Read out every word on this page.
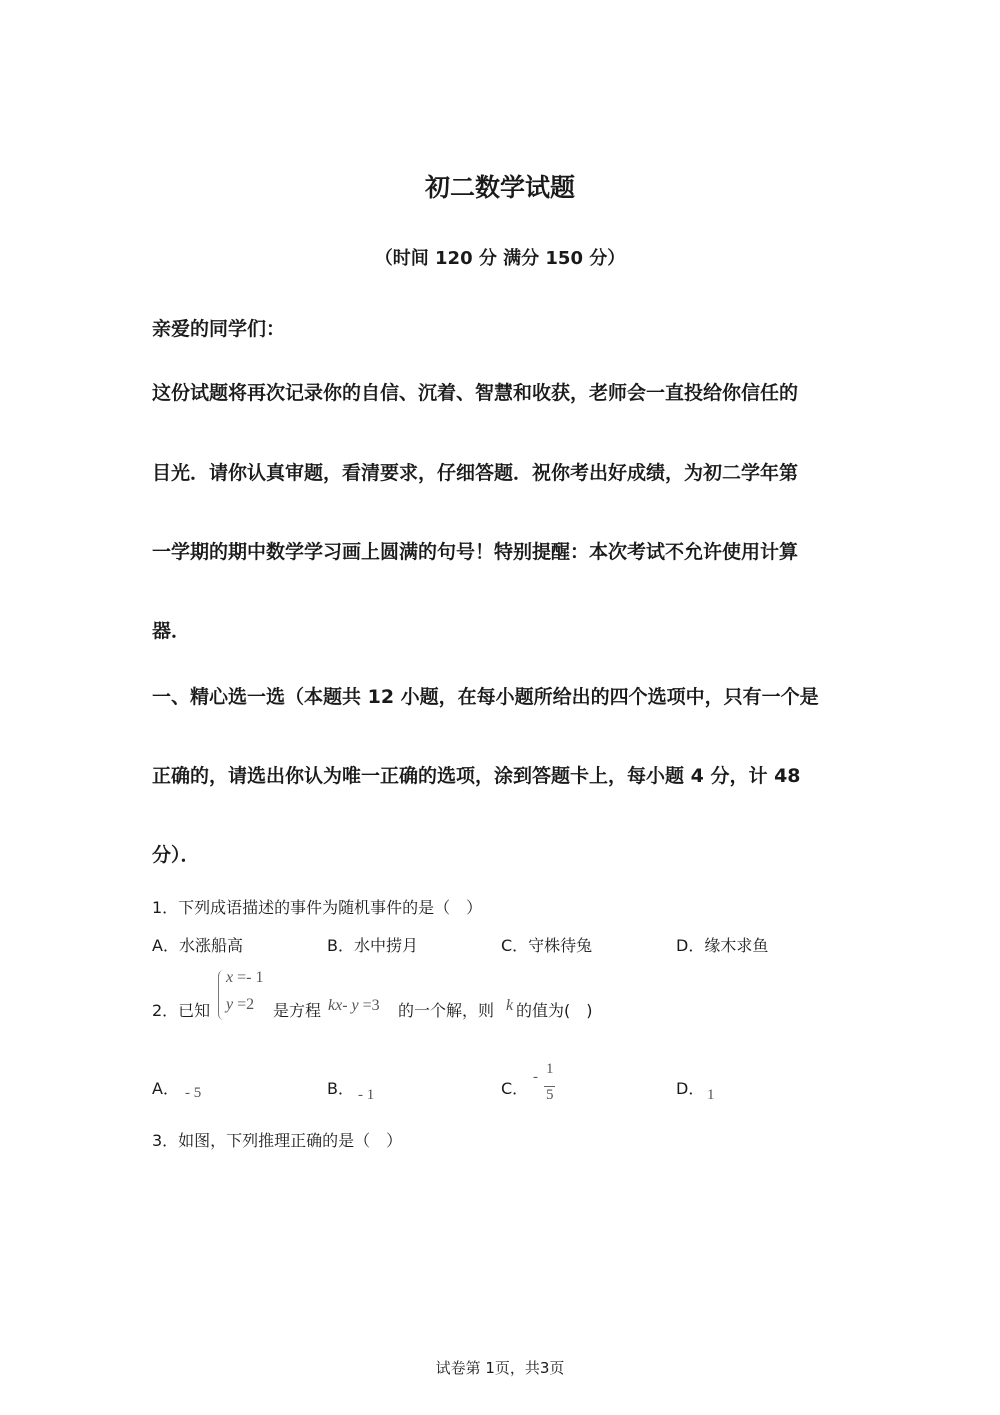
初二数学试题
（时间 120 分 满分 150 分）
亲爱的同学们：
这份试题将再次记录你的自信、沉着、智慧和收获，老师会一直投给你信任的
目光．请你认真审题，看清要求，仔细答题．祝你考出好成绩，为初二学年第
一学期的期中数学学习画上圆满的句号！特别提醒：本次考试不允许使用计算
器．
一、精心选一选（本题共 12 小题，在每小题所给出的四个选项中，只有一个是
正确的，请选出你认为唯一正确的选项，涂到答题卡上，每小题 4 分，计 48
分）．
1．下列成语描述的事件为随机事件的是（　）
A．水涨船高	B．水中捞月	C．守株待兔	D．缘木求鱼
2．已知
x =- 1
y =2 是方程 kx- y =3 的一个解，则 k 的值为(　)
A． - 5	B． - 1	C．
- 1
5	D． 1
3．如图，下列推理正确的是（　）
试卷第 1页，共3页
